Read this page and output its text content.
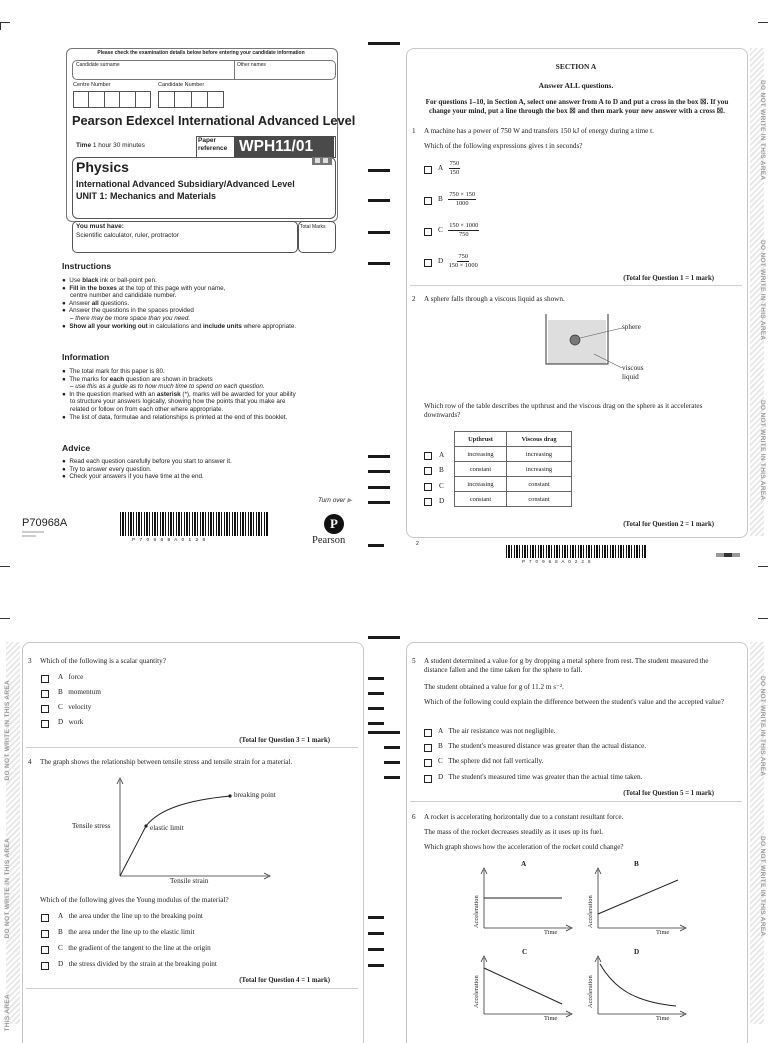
Please check the examination details below before entering your candidate information
Candidate surname	Other names
Centre Number	Candidate Number
Pearson Edexcel International Advanced Level
Time 1 hour 30 minutes
Paper reference WPH11/01
Physics
International Advanced Subsidiary/Advanced Level
UNIT 1: Mechanics and Materials
You must have:
Scientific calculator, ruler, protractor
Total Marks
Instructions
●  Use black ink or ball-point pen.
●  Fill in the boxes at the top of this page with your name,
centre number and candidate number.
●  Answer all questions.
●  Answer the questions in the spaces provided
– there may be more space than you need.
●  Show all your working out in calculations and include units where appropriate.
Information
●  The total mark for this paper is 80.
●  The marks for each question are shown in brackets
– use this as a guide as to how much time to spend on each question.
●  In the question marked with an asterisk (*), marks will be awarded for your ability
to structure your answers logically, showing how the points that you make are
related or follow on from each other where appropriate.
●  The list of data, formulae and relationships is printed at the end of this booklet.
Advice
●  Read each question carefully before you start to answer it.
●  Try to answer every question.
●  Check your answers if you have time at the end.
Turn over ▶
P70968A
P 7 0 9 6 8 A 0 1 2 8
P
Pearson
DO NOT WRITE IN THIS AREA
DO NOT WRITE IN THIS AREA
DO NOT WRITE IN THIS AREA
SECTION A
Answer ALL questions.
For questions 1–10, in Section A, select one answer from A to D and put a cross in the box ☒. If you change your mind, put a line through the box ☒ and then mark your new answer with a cross ☒.
1 A machine has a power of 750 W and transfers 150 kJ of energy during a time t.
Which of the following expressions gives t in seconds?
A $\frac{750}{150}$
B $\frac{750 \times 150}{1000}$
C $\frac{150 \times 1000}{750}$
D $\frac{750}{150 \times 1000}$
(Total for Question 1 = 1 mark)
2 A sphere falls through a viscous liquid as shown.
sphere
viscous liquid
Which row of the table describes the upthrust and the viscous drag on the sphere as it accelerates downwards?
Upthrust	Viscous drag
increasing	increasing
constant	increasing
increasing	constant
constant	constant
A
B
C
D
(Total for Question 2 = 1 mark)
2
P 7 0 9 6 8 A 0 2 2 8
DO NOT WRITE IN THIS AREA
DO NOT WRITE IN THIS AREA
THIS AREA
3 Which of the following is a scalar quantity?
A force
B momentum
C velocity
D work
(Total for Question 3 = 1 mark)
4 The graph shows the relationship between tensile stress and tensile strain for a material.
breaking point
elastic limit
Tensile stress
Tensile strain
Which of the following gives the Young modulus of the material?
A the area under the line up to the breaking point
B the area under the line up to the elastic limit
C the gradient of the tangent to the line at the origin
D the stress divided by the strain at the breaking point
(Total for Question 4 = 1 mark)
DO NOT WRITE IN THIS AREA
DO NOT WRITE IN THIS AREA
5 A student determined a value for g by dropping a metal sphere from rest. The student measured the distance fallen and the time taken for the sphere to fall.
The student obtained a value for g of 11.2 m s⁻².
Which of the following could explain the difference between the student's value and the accepted value?
A The air resistance was not negligible.
B The student's measured distance was greater than the actual distance.
C The sphere did not fall vertically.
D The student's measured time was greater than the actual time taken.
(Total for Question 5 = 1 mark)
6 A rocket is accelerating horizontally due to a constant resultant force.
The mass of the rocket decreases steadily as it uses up its fuel.
Which graph shows how the acceleration of the rocket could change?
A
Acceleration
Time
B
Acceleration
Time
C
Acceleration
Time
D
Acceleration
Time
